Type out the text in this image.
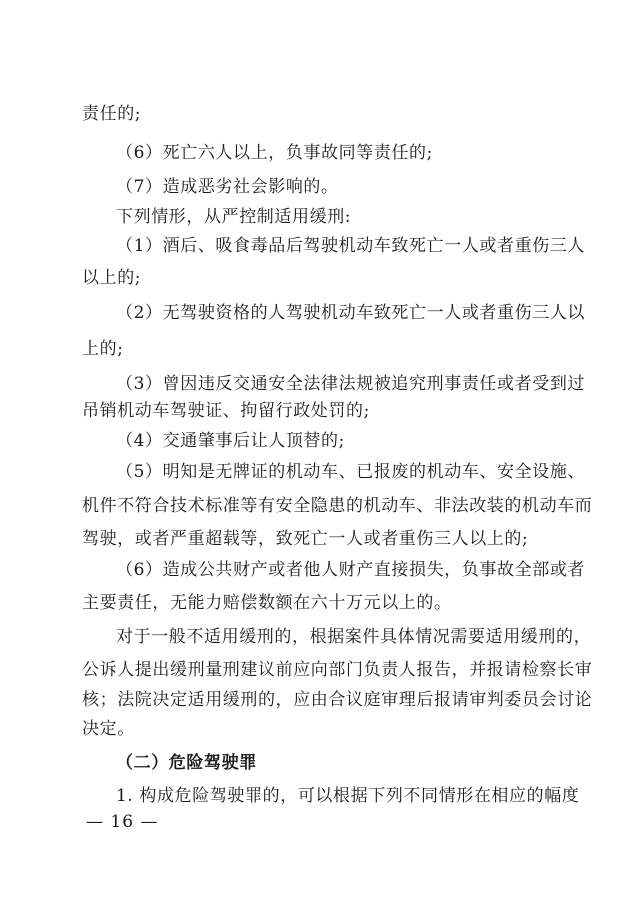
责任的;
（6）死亡六人以上，负事故同等责任的;
（7）造成恶劣社会影响的。
下列情形，从严控制适用缓刑:
（1）酒后、吸食毒品后驾驶机动车致死亡一人或者重伤三人
以上的;
（2）无驾驶资格的人驾驶机动车致死亡一人或者重伤三人以
上的;
（3）曾因违反交通安全法律法规被追究刑事责任或者受到过
吊销机动车驾驶证、拘留行政处罚的;
（4）交通肇事后让人顶替的;
（5）明知是无牌证的机动车、已报废的机动车、安全设施、
机件不符合技术标准等有安全隐患的机动车、非法改装的机动车而
驾驶，或者严重超载等，致死亡一人或者重伤三人以上的;
（6）造成公共财产或者他人财产直接损失，负事故全部或者
主要责任，无能力赔偿数额在六十万元以上的。
对于一般不适用缓刑的，根据案件具体情况需要适用缓刑的，
公诉人提出缓刑量刑建议前应向部门负责人报告，并报请检察长审
核；法院决定适用缓刑的，应由合议庭审理后报请审判委员会讨论
决定。
（二）危险驾驶罪
1. 构成危险驾驶罪的，可以根据下列不同情形在相应的幅度
— 16 —
